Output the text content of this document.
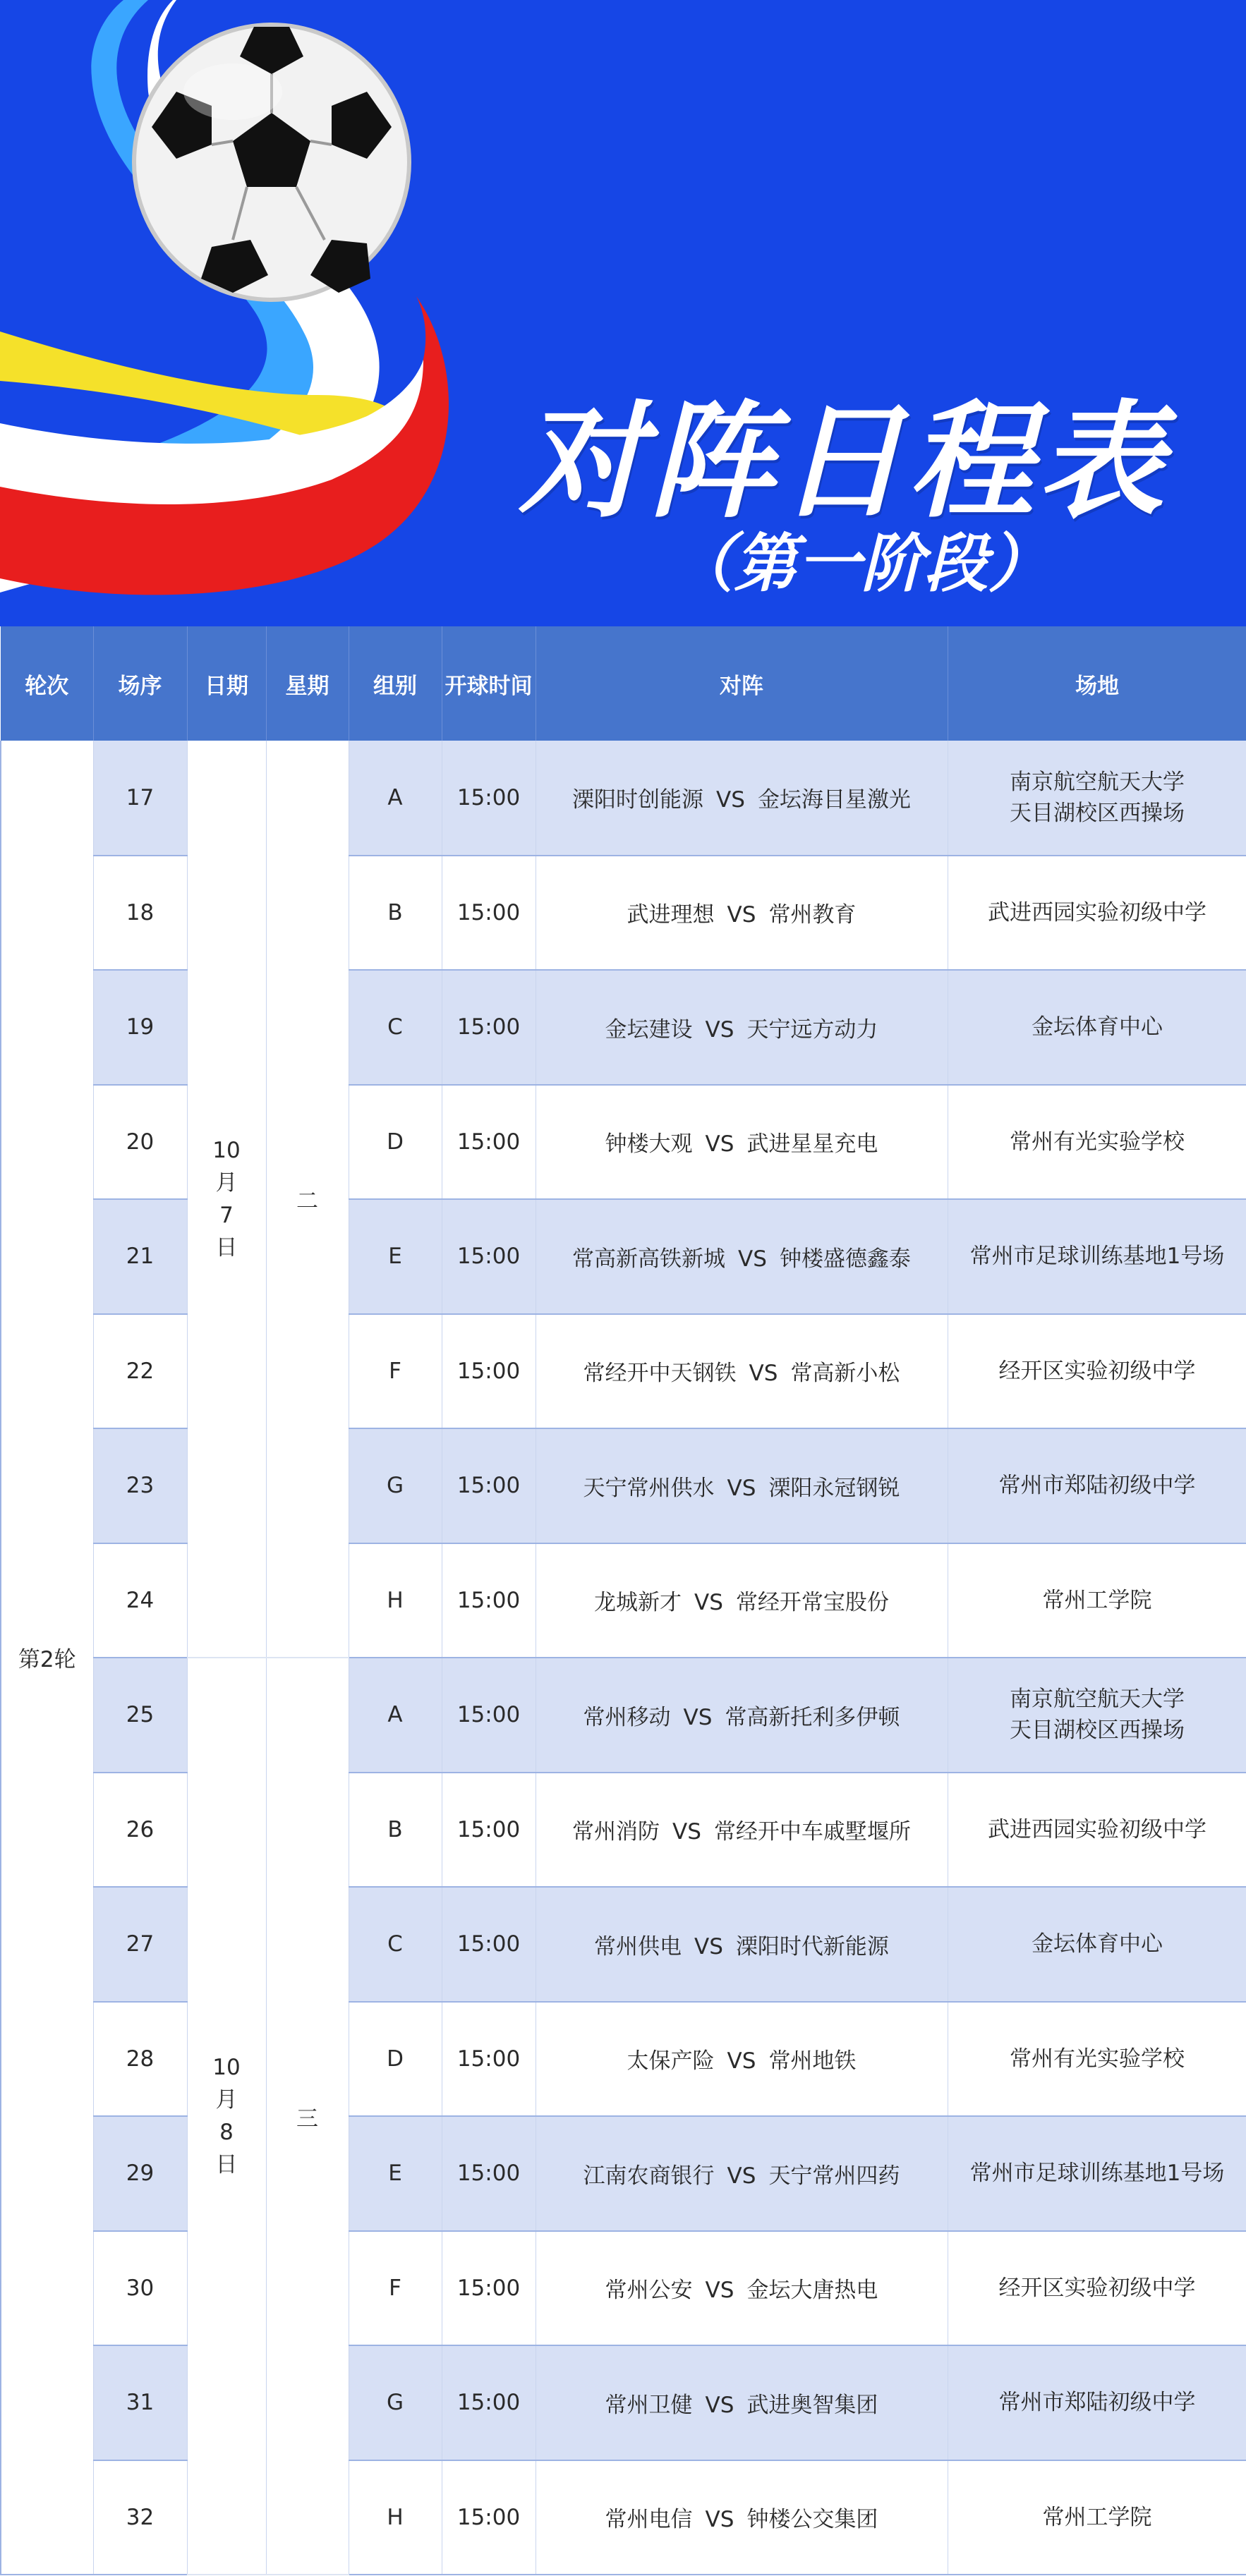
对阵日程表
（第一阶段）
轮次	场序	日期	星期	组别	开球时间	对阵	场地
第2轮	17	10
月
7
日	二	A	15:00	溧阳时创能源 VS 金坛海目星激光	南京航空航天大学
天目湖校区西操场

	18			B	15:00	武进理想 VS 常州教育	武进西园实验初级中学

	19			C	15:00	金坛建设 VS 天宁远方动力	金坛体育中心

	20			D	15:00	钟楼大观 VS 武进星星充电	常州有光实验学校

	21			E	15:00	常高新高铁新城 VS 钟楼盛德鑫泰	常州市足球训练基地1号场

	22			F	15:00	常经开中天钢铁 VS 常高新小松	经开区实验初级中学

	23			G	15:00	天宁常州供水 VS 溧阳永冠钢锐	常州市郑陆初级中学

	24			H	15:00	龙城新才 VS 常经开常宝股份	常州工学院

	25	10
月
8
日	三	A	15:00	常州移动 VS 常高新托利多伊顿	南京航空航天大学
天目湖校区西操场

	26			B	15:00	常州消防 VS 常经开中车戚墅堰所	武进西园实验初级中学

	27			C	15:00	常州供电 VS 溧阳时代新能源	金坛体育中心

	28			D	15:00	太保产险 VS 常州地铁	常州有光实验学校

	29			E	15:00	江南农商银行 VS 天宁常州四药	常州市足球训练基地1号场

	30			F	15:00	常州公安 VS 金坛大唐热电	经开区实验初级中学

	31			G	15:00	常州卫健 VS 武进奥智集团	常州市郑陆初级中学

	32			H	15:00	常州电信 VS 钟楼公交集团	常州工学院
